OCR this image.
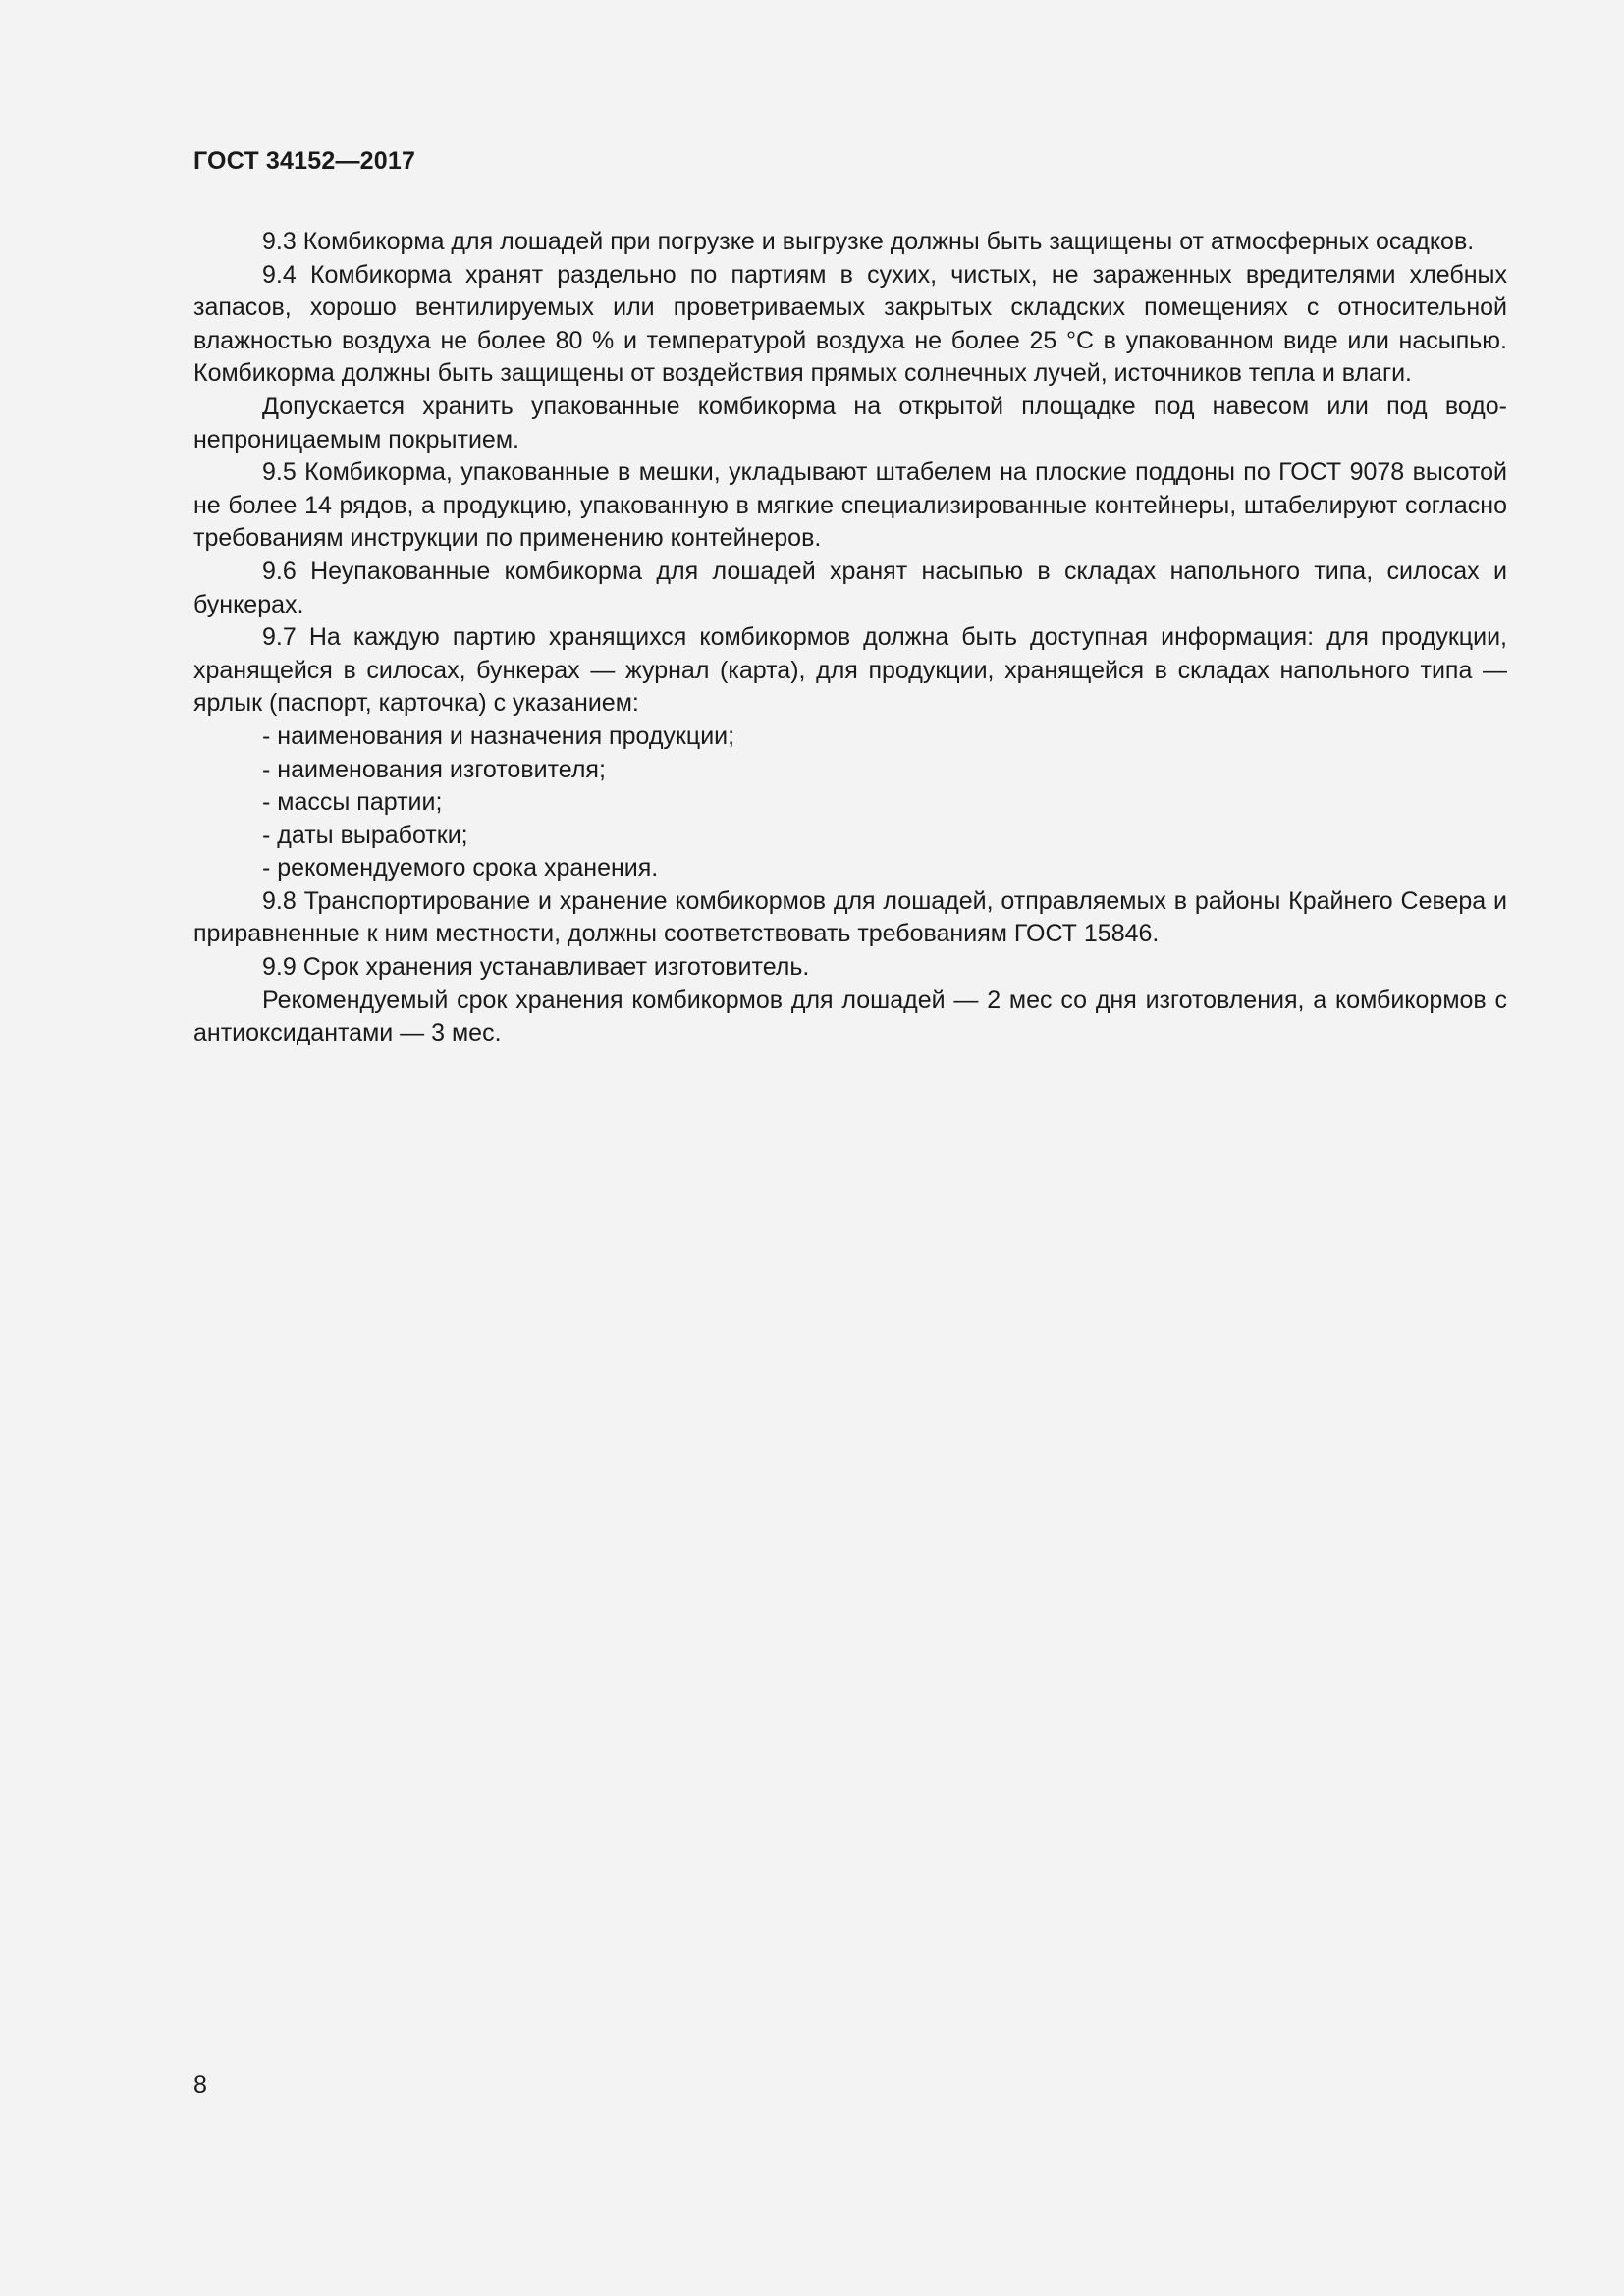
ГОСТ 34152—2017

9.3 Комбикорма для лошадей при погрузке и выгрузке должны быть защищены от атмосферных осадков.

9.4 Комбикорма хранят раздельно по партиям в сухих, чистых, не зараженных вредителями хлебных запасов, хорошо вентилируемых или проветриваемых закрытых складских помещениях с относительной влажностью воздуха не более 80 % и температурой воздуха не более 25 °С в упакованном виде или насыпью. Комбикорма должны быть защищены от воздействия прямых солнечных лучей, источников тепла и влаги.

Допускается хранить упакованные комбикорма на открытой площадке под навесом или под водонепроницаемым покрытием.

9.5 Комбикорма, упакованные в мешки, укладывают штабелем на плоские поддоны по ГОСТ 9078 высотой не более 14 рядов, а продукцию, упакованную в мягкие специализированные контейнеры, штабелируют согласно требованиям инструкции по применению контейнеров.

9.6 Неупакованные комбикорма для лошадей хранят насыпью в складах напольного типа, силосах и бункерах.

9.7 На каждую партию хранящихся комбикормов должна быть доступная информация: для продукции, хранящейся в силосах, бункерах — журнал (карта), для продукции, хранящейся в складах напольного типа — ярлык (паспорт, карточка) с указанием:

- наименования и назначения продукции;

- наименования изготовителя;

- массы партии;

- даты выработки;

- рекомендуемого срока хранения.

9.8 Транспортирование и хранение комбикормов для лошадей, отправляемых в районы Крайнего Севера и приравненные к ним местности, должны соответствовать требованиям ГОСТ 15846.

9.9 Срок хранения устанавливает изготовитель.

Рекомендуемый срок хранения комбикормов для лошадей — 2 мес со дня изготовления, а комбикормов с антиоксидантами — 3 мес.

8
